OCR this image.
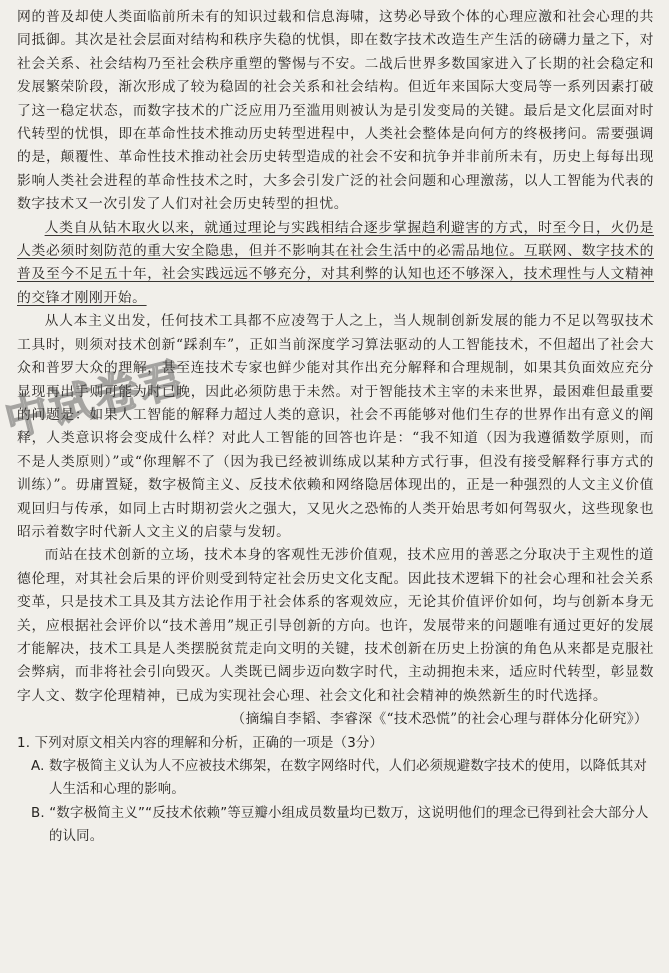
网的普及却使人类面临前所未有的知识过载和信息海啸，这势必导致个体的心理应激和社会心理的共同抵御。其次是社会层面对结构和秩序失稳的忧惧，即在数字技术改造生产生活的磅礴力量之下，对社会关系、社会结构乃至社会秩序重塑的警惕与不安。二战后世界多数国家进入了长期的社会稳定和发展繁荣阶段，渐次形成了较为稳固的社会关系和社会结构。但近年来国际大变局等一系列因素打破了这一稳定状态，而数字技术的广泛应用乃至滥用则被认为是引发变局的关键。最后是文化层面对时代转型的忧惧，即在革命性技术推动历史转型进程中，人类社会整体是向何方的终极拷问。需要强调的是，颠覆性、革命性技术推动社会历史转型造成的社会不安和抗争并非前所未有，历史上每每出现影响人类社会进程的革命性技术之时，大多会引发广泛的社会问题和心理激荡，以人工智能为代表的数字技术又一次引发了人们对社会历史转型的担忧。

人类自从钻木取火以来，就通过理论与实践相结合逐步掌握趋利避害的方式，时至今日，火仍是人类必须时刻防范的重大安全隐患，但并不影响其在社会生活中的必需品地位。互联网、数字技术的普及至今不足五十年，社会实践远远不够充分，对其利弊的认知也还不够深入，技术理性与人文精神的交锋才刚刚开始。

从人本主义出发，任何技术工具都不应凌驾于人之上，当人规制创新发展的能力不足以驾驭技术工具时，则须对技术创新“踩刹车”，正如当前深度学习算法驱动的人工智能技术，不但超出了社会大众和普罗大众的理解，甚至连技术专家也鲜少能对其作出充分解释和合理规制，如果其负面效应充分显现再出手则可能为时已晚，因此必须防患于未然。对于智能技术主宰的未来世界，最困难但最重要的问题是：如果人工智能的解释力超过人类的意识，社会不再能够对他们生存的世界作出有意义的阐释，人类意识将会变成什么样？对此人工智能的回答也许是：“我不知道（因为我遵循数学原则，而不是人类原则）”或“你理解不了（因为我已经被训练成以某种方式行事，但没有接受解释行事方式的训练）”。毋庸置疑，数字极简主义、反技术依赖和网络隐居体现出的，正是一种强烈的人文主义价值观回归与传承，如同上古时期初尝火之强大，又见火之恐怖的人类开始思考如何驾驭火，这些现象也昭示着数字时代新人文主义的启蒙与发轫。

而站在技术创新的立场，技术本身的客观性无涉价值观，技术应用的善恶之分取决于主观性的道德伦理，对其社会后果的评价则受到特定社会历史文化支配。因此技术逻辑下的社会心理和社会关系变革，只是技术工具及其方法论作用于社会体系的客观效应，无论其价值评价如何，均与创新本身无关，应根据社会评价以“技术善用”规正引导创新的方向。也许，发展带来的问题唯有通过更好的发展才能解决，技术工具是人类摆脱贫荒走向文明的关键，技术创新在历史上扮演的角色从来都是克服社会弊病，而非将社会引向毁灭。人类既已阔步迈向数字时代，主动拥抱未来，适应时代转型，彰显数字人文、数字伦理精神，已成为实现社会心理、社会文化和社会精神的焕然新生的时代选择。

（摘编自李韬、李睿深《“技术恐慌”的社会心理与群体分化研究》）

1. 下列对原文相关内容的理解和分析，正确的一项是（3分）

A. 数字极简主义认为人不应被技术绑架，在数字网络时代，人们必须规避数字技术的使用，以降低其对人生活和心理的影响。

B. “数字极简主义”“反技术依赖”等豆瓣小组成员数量均已数万，这说明他们的理念已得到社会大部分人的认同。

中试卷君
